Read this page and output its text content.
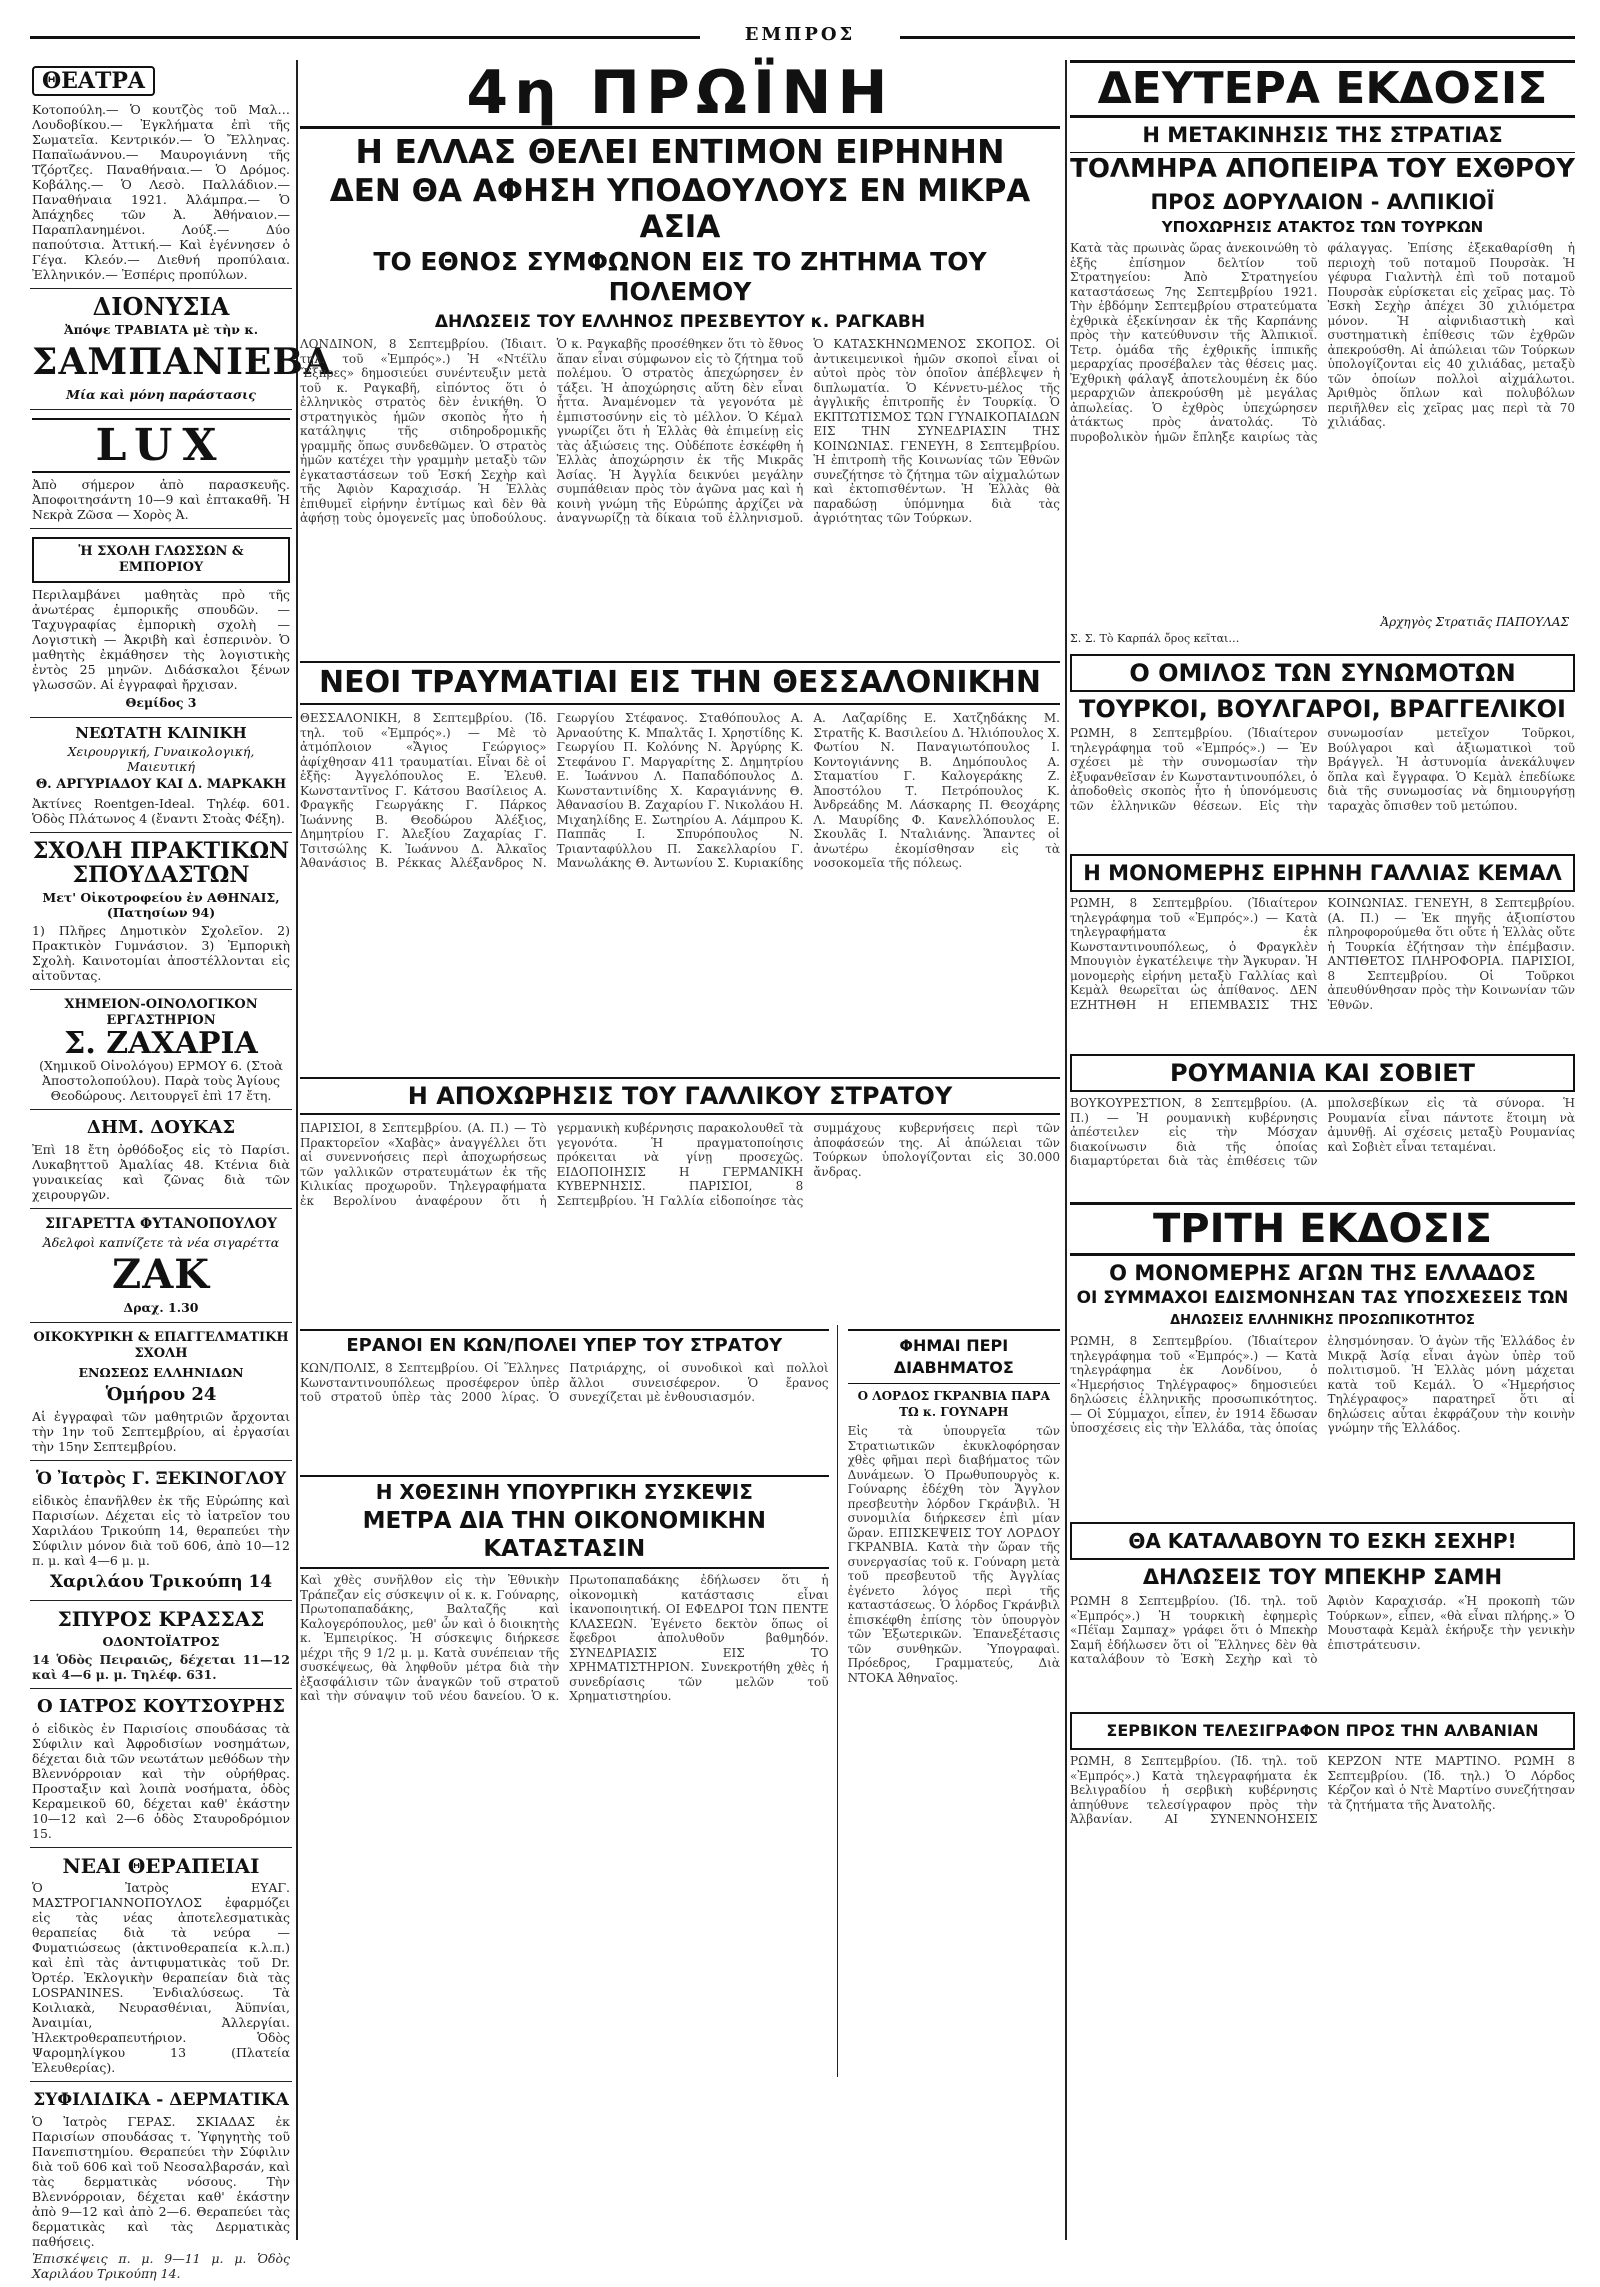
ΕΜΠΡΟΣ
ΘΕΑΤΡΑ
Κοτοπούλη.— Ὁ κουτζὸς τοῦ Μαλ… Λουδοβίκου.— Ἐγκλήματα ἐπὶ τῆς Σωματεῖα. Κεντρικόν.— Ὁ Ἔλληνας. Παπαϊωάννου.— Μαυρογιάννη τῆς Τζόρτζες. Παναθήναια.— Ὁ Δρόμος. Κοβάλης.— Ὁ Λεσὸ. Παλλάδιον.— Παναθήναια 1921. Ἀλάμπρα.— Ὁ Ἀπάχηδες τῶν Ἀ. Ἀθήναιον.— Παραπλανημένοι. Λούξ.— Δύο παπούτσια. Ἀττική.— Καὶ ἐγέννησεν ὁ Γέγα. Κλεόν.— Διεθνή προπύλαια. Ἐλληνικόν.— Ἐσπέρις προπύλων.
ΔΙΟΝΥΣΙΑ
Ἀπόψε ΤΡΑΒΙΑΤΑ μὲ τὴν κ.
ΣΑΜΠΑΝΙΕΒΑ
Μία καὶ μόνη παράστασις
LUX
Ἀπὸ σήμερον ἀπὸ παρασκευῆς. Ἀποφοιτησάντη 10—9 καὶ ἐπτακαθῆ. Ἡ Νεκρὰ Ζῶσα — Χορὸς Ἀ.
Ἡ ΣΧΟΛΗ ΓΛΩΣΣΩΝ & ΕΜΠΟΡΙΟΥ
Περιλαμβάνει μαθητὰς πρὸ τῆς ἀνωτέρας ἐμπορικῆς σπουδῶν. — Ταχυγραφίας ἐμπορικὴ σχολὴ — Λογιστικὴ — Ἀκριβὴ καὶ ἐσπερινὸν. Ὁ μαθητὴς ἐκμάθησεν τὴς λογιστικὴς ἐντὸς 25 μηνῶν. Διδάσκαλοι ξένων γλωσσῶν. Αἱ ἐγγραφαὶ ἤρχισαν.
Θεμίδος 3
ΝΕΩΤΑΤΗ ΚΛΙΝΙΚΗ
Χειρουργική, Γυναικολογική, Μαιευτική
Θ. ΑΡΓΥΡΙΑΔΟΥ ΚΑΙ Δ. ΜΑΡΚΑΚΗ
Ἀκτίνες Roentgen-Ideal. Τηλέφ. 601. Ὁδὸς Πλάτωνος 4 (ἔναντι Στοὰς Φέξη).
ΣΧΟΛΗ ΠΡΑΚΤΙΚΩΝ ΣΠΟΥΔΑΣΤΩΝ
Μετ' Οἰκοτροφείου ἐν ΑΘΗΝΑΙΣ, (Πατησίων 94)
1) Πλῆρες Δημοτικὸν Σχολεῖον. 2) Πρακτικὸν Γυμνάσιον. 3) Ἐμπορικὴ Σχολὴ. Καινοτομίαι ἀποστέλλονται εἰς αἰτοῦντας.
ΧΗΜΕΙΟΝ-ΟΙΝΟΛΟΓΙΚΟΝ ΕΡΓΑΣΤΗΡΙΟΝ
Σ. ΖΑΧΑΡΙΑ
(Χημικοῦ Οἰνολόγου) ΕΡΜΟΥ 6. (Στοὰ Ἀποστολοπούλου). Παρὰ τοὺς Ἁγίους Θεοδώρους. Λειτουργεῖ ἐπὶ 17 ἔτη.
ΔΗΜ. ΔΟΥΚΑΣ
Ἐπὶ 18 ἔτη ὀρθόδοξος εἰς τὸ Παρίσι. Λυκαβηττοῦ Ἀμαλίας 48. Κτένια διὰ γυναικείας καὶ ζῶνας διὰ τῶν χειρουργῶν.
ΣΙΓΑΡΕΤΤΑ ΦΥΤΑΝΟΠΟΥΛΟΥ
Ἀδελφοὶ καπνίζετε τὰ νέα σιγαρέττα
ΖΑΚ
Δραχ. 1.30
ΟΙΚΟΚΥΡΙΚΗ & ΕΠΑΓΓΕΛΜΑΤΙΚΗ ΣΧΟΛΗ
ΕΝΩΣΕΩΣ ΕΛΛΗΝΙΔΩΝ
Ὁμήρου 24
Αἱ ἐγγραφαὶ τῶν μαθητριῶν ἄρχονται τὴν 1ην τοῦ Σεπτεμβρίου, αἱ ἐργασίαι τὴν 15ην Σεπτεμβρίου.
Ὁ Ἰατρὸς Γ. ΞΕΚΙΝΟΓΛΟΥ
εἰδικὸς ἐπανῆλθεν ἐκ τῆς Εὐρώπης καὶ Παρισίων. Δέχεται εἰς τὸ ἰατρεῖον του Χαριλάου Τρικούπη 14, θεραπεύει τὴν Σύφιλιν μόνον διὰ τοῦ 606, ἀπὸ 10—12 π. μ. καὶ 4—6 μ. μ.
Χαριλάου Τρικούπη 14
ΣΠΥΡΟΣ ΚΡΑΣΣΑΣ
ΟΔΟΝΤΟΪΑΤΡΟΣ
14 Ὁδὸς Πειραιῶς, δέχεται 11—12 καὶ 4—6 μ. μ. Τηλέφ. 631.
Ο ΙΑΤΡΟΣ ΚΟΥΤΣΟΥΡΗΣ
ὁ εἰδικὸς ἐν Παρισίοις σπουδάσας τὰ Σύφιλιν καὶ Ἀφροδισίων νοσημάτων, δέχεται διὰ τῶν νεωτάτων μεθόδων τὴν Βλεννόρροιαν καὶ τὴν οὐρήθρας. Προσταξιν καὶ λοιπὰ νοσήματα, ὁδὸς Κεραμεικοῦ 60, δέχεται καθ' ἑκάστην 10—12 καὶ 2—6 ὁδὸς Σταυροδρόμιον 15.
ΝΕΑΙ ΘΕΡΑΠΕΙΑΙ
Ὁ Ἰατρὸς ΕΥΑΓ. ΜΑΣΤΡΟΓΙΑΝΝΟΠΟΥΛΟΣ ἐφαρμόζει εἰς τὰς νέας ἀποτελεσματικὰς θεραπείας διὰ τὰ νεύρα — Φυματιώσεως (ἀκτινοθεραπεία κ.λ.π.) καὶ ἐπὶ τὰς ἀντιφυματικὰς τοῦ Dr. Ὀρτέρ. Ἐκλογικὴν θεραπείαν διὰ τὰς LOSPANINES. Ἐνδιαλύσεως. Τὰ Κοιλιακὰ, Νευρασθένιαι, Ἀϋπνίαι, Ἀναιμίαι, Ἀλλεργίαι. Ἠλεκτροθεραπευτήριον. Ὁδὸς Ψαρομηλίγκου 13 (Πλατεία Ἐλευθερίας).
ΣΥΦΙΛΙΔΙΚΑ - ΔΕΡΜΑΤΙΚΑ
Ὁ Ἰατρὸς ΓΕΡΑΣ. ΣΚΙΑΔΑΣ ἐκ Παρισίων σπουδάσας τ. Ὑφηγητὴς τοῦ Πανεπιστημίου. Θεραπεύει τὴν Σύφιλιν διὰ τοῦ 606 καὶ τοῦ Νεοσαλβαρσάν, καὶ τὰς δερματικὰς νόσους. Τὴν Βλεννόρροιαν, δέχεται καθ' ἑκάστην ἀπὸ 9—12 καὶ ἀπὸ 2—6. Θεραπεύει τὰς δερματικὰς καὶ τὰς Δερματικὰς παθήσεις.
Ἐπισκέψεις π. μ. 9—11 μ. μ. Ὁδὸς Χαριλάου Τρικούπη 14.
4η ΠΡΩΪΝΗ
Η ΕΛΛΑΣ ΘΕΛΕΙ ΕΝΤΙΜΟΝ ΕΙΡΗΝΗΝ
ΔΕΝ ΘΑ ΑΦΗΣΗ ΥΠΟΔΟΥΛΟΥΣ ΕΝ ΜΙΚΡΑ ΑΣΙΑ
ΤΟ ΕΘΝΟΣ ΣΥΜΦΩΝΟΝ ΕΙΣ ΤΟ ΖΗΤΗΜΑ ΤΟΥ ΠΟΛΕΜΟΥ
ΔΗΛΩΣΕΙΣ ΤΟΥ ΕΛΛΗΝΟΣ ΠΡΕΣΒΕΥΤΟΥ κ. ΡΑΓΚΑΒΗ
ΛΟΝΔΙΝΟΝ, 8 Σεπτεμβρίου. (Ἰδιαιτ. τηλ. τοῦ «Ἐμπρός».) Ἡ «Ντέϊλυ Ἔξπρες» δημοσιεύει συνέντευξιν μετὰ τοῦ κ. Ραγκαβῆ, εἰπόντος ὅτι ὁ ἑλληνικὸς στρατὸς δὲν ἐνικήθη. Ὁ στρατηγικὸς ἡμῶν σκοπὸς ἦτο ἡ κατάληψις τῆς σιδηροδρομικῆς γραμμῆς ὅπως συνδεθῶμεν. Ὁ στρατὸς ἡμῶν κατέχει τὴν γραμμὴν μεταξὺ τῶν ἐγκαταστάσεων τοῦ Ἐσκή Σεχὴρ καὶ τῆς Ἀφιὸν Καραχισάρ. Ἡ Ἑλλὰς ἐπιθυμεῖ εἰρήνην ἐντίμως καὶ δὲν θὰ ἀφήσῃ τοὺς ὁμογενεῖς μας ὑποδούλους. Ὁ κ. Ραγκαβῆς προσέθηκεν ὅτι τὸ ἔθνος ἅπαν εἶναι σύμφωνον εἰς τὸ ζήτημα τοῦ πολέμου. Ὁ στρατὸς ἀπεχώρησεν ἐν τάξει. Ἡ ἀποχώρησις αὕτη δὲν εἶναι ἧττα. Ἀναμένομεν τὰ γεγονότα μὲ ἐμπιστοσύνην εἰς τὸ μέλλον. Ὁ Κέμαλ γνωρίζει ὅτι ἡ Ἑλλὰς θὰ ἐπιμείνῃ εἰς τὰς ἀξιώσεις της. Οὐδέποτε ἐσκέφθη ἡ Ἑλλὰς ἀποχώρησιν ἐκ τῆς Μικρᾶς Ἀσίας. Ἡ Ἀγγλία δεικνύει μεγάλην συμπάθειαν πρὸς τὸν ἀγῶνα μας καὶ ἡ κοινὴ γνώμη τῆς Εὐρώπης ἀρχίζει νὰ ἀναγνωρίζῃ τὰ δίκαια τοῦ ἑλληνισμοῦ. Ὁ ΚΑΤΑΣΚΗΝΩΜΕΝΟΣ ΣΚΟΠΟΣ. Οἱ ἀντικειμενικοὶ ἡμῶν σκοποὶ εἶναι οἱ αὐτοὶ πρὸς τὸν ὁποῖον ἀπέβλεψεν ἡ διπλωματία. Ὁ Κέννετυ-μέλος τῆς ἀγγλικῆς ἐπιτροπῆς ἐν Τουρκίᾳ. Ὁ ΕΚΠΤΩΤΙΣΜΟΣ ΤΩΝ ΓΥΝΑΙΚΟΠΑΙΔΩΝ ΕΙΣ ΤΗΝ ΣΥΝΕΔΡΙΑΣΙΝ ΤΗΣ ΚΟΙΝΩΝΙΑΣ. ΓΕΝΕΥΗ, 8 Σεπτεμβρίου. Ἡ ἐπιτροπὴ τῆς Κοινωνίας τῶν Ἐθνῶν συνεζήτησε τὸ ζήτημα τῶν αἰχμαλώτων καὶ ἐκτοπισθέντων. Ἡ Ἑλλὰς θὰ παραδώσῃ ὑπόμνημα διὰ τὰς ἀγριότητας τῶν Τούρκων.
ΝΕΟΙ ΤΡΑΥΜΑΤΙΑΙ ΕΙΣ ΤΗΝ ΘΕΣΣΑΛΟΝΙΚΗΝ
ΘΕΣΣΑΛΟΝΙΚΗ, 8 Σεπτεμβρίου. (Ἰδ. τηλ. τοῦ «Ἐμπρός».) — Μὲ τὸ ἀτμόπλοιον «Ἄγιος Γεώργιος» ἀφίχθησαν 411 τραυματίαι. Εἶναι δὲ οἱ ἑξῆς: Ἀγγελόπουλος Ε. Ἐλευθ. Κωνσταντῖνος Γ. Κάτσου Βασίλειος Α. Φραγκῆς Γεωργάκης Γ. Πάρκος Ἰωάννης Β. Θεοδώρου Ἀλέξιος, Δημητρίου Γ. Ἀλεξίου Ζαχαρίας Γ. Τσιτσώλης Κ. Ἰωάννου Δ. Ἀλκαῖος Ἀθανάσιος Β. Ρέκκας Ἀλέξανδρος Ν. Γεωργίου Στέφανος. Σταθόπουλος Α. Ἀρναούτης Κ. Μπαλτᾶς Ι. Χρηστίδης Κ. Γεωργίου Π. Κολόνης Ν. Ἀργύρης Κ. Στεφάνου Γ. Μαργαρίτης Σ. Δημητρίου Ε. Ἰωάννου Λ. Παπαδόπουλος Δ. Κωνσταντινίδης Χ. Καραγιάννης Θ. Ἀθανασίου Β. Ζαχαρίου Γ. Νικολάου Η. Μιχαηλίδης Ε. Σωτηρίου Α. Λάμπρου Κ. Παππᾶς Ι. Σπυρόπουλος Ν. Τριανταφύλλου Π. Σακελλαρίου Γ. Μανωλάκης Θ. Ἀντωνίου Σ. Κυριακίδης Α. Λαζαρίδης Ε. Χατζηδάκης Μ. Στρατῆς Κ. Βασιλείου Δ. Ἠλιόπουλος Χ. Φωτίου Ν. Παναγιωτόπουλος Ι. Κοντογιάννης Β. Δημόπουλος Α. Σταματίου Γ. Καλογεράκης Ζ. Ἀποστόλου Τ. Πετρόπουλος Κ. Ἀνδρεάδης Μ. Λάσκαρης Π. Θεοχάρης Λ. Μαυρίδης Φ. Κανελλόπουλος Ε. Σκουλᾶς Ι. Νταλιάνης. Ἅπαντες οἱ ἀνωτέρω ἐκομίσθησαν εἰς τὰ νοσοκομεῖα τῆς πόλεως.
Η ΑΠΟΧΩΡΗΣΙΣ ΤΟΥ ΓΑΛΛΙΚΟΥ ΣΤΡΑΤΟΥ
ΠΑΡΙΣΙΟΙ, 8 Σεπτεμβρίου. (Α. Π.) — Τὸ Πρακτορεῖον «Χαβὰς» ἀναγγέλλει ὅτι αἱ συνεννοήσεις περὶ ἀποχωρήσεως τῶν γαλλικῶν στρατευμάτων ἐκ τῆς Κιλικίας προχωροῦν. Τηλεγραφήματα ἐκ Βερολίνου ἀναφέρουν ὅτι ἡ γερμανικὴ κυβέρνησις παρακολουθεῖ τὰ γεγονότα. Ἡ πραγματοποίησις πρόκειται νὰ γίνῃ προσεχῶς. ΕΙΔΟΠΟΙΗΣΙΣ Η ΓΕΡΜΑΝΙΚΗ ΚΥΒΕΡΝΗΣΙΣ. ΠΑΡΙΣΙΟΙ, 8 Σεπτεμβρίου. Ἡ Γαλλία εἰδοποίησε τὰς συμμάχους κυβερνήσεις περὶ τῶν ἀποφάσεών της. Αἱ ἀπώλειαι τῶν Τούρκων ὑπολογίζονται εἰς 30.000 ἄνδρας.
ΕΡΑΝΟΙ ΕΝ ΚΩΝ/ΠΟΛΕΙ ΥΠΕΡ ΤΟΥ ΣΤΡΑΤΟΥ
ΚΩΝ/ΠΟΛΙΣ, 8 Σεπτεμβρίου. Οἱ Ἕλληνες Κωνσταντινουπόλεως προσέφερον ὑπὲρ τοῦ στρατοῦ ὑπὲρ τὰς 2000 λίρας. Ὁ Πατριάρχης, οἱ συνοδικοὶ καὶ πολλοὶ ἄλλοι συνεισέφερον. Ὁ ἔρανος συνεχίζεται μὲ ἐνθουσιασμόν.
Η ΧΘΕΣΙΝΗ ΥΠΟΥΡΓΙΚΗ ΣΥΣΚΕΨΙΣ
ΜΕΤΡΑ ΔΙΑ ΤΗΝ ΟΙΚΟΝΟΜΙΚΗΝ ΚΑΤΑΣΤΑΣΙΝ
Καὶ χθὲς συνῆλθον εἰς τὴν Ἐθνικὴν Τράπεζαν εἰς σύσκεψιν οἱ κ. κ. Γούναρης, Πρωτοπαπαδάκης, Βαλταζῆς καὶ Καλογερόπουλος, μεθ' ὧν καὶ ὁ διοικητὴς κ. Ἐμπειρίκος. Ἡ σύσκεψις διήρκεσε μέχρι τῆς 9 1/2 μ. μ. Κατὰ συνέπειαν τῆς συσκέψεως, θὰ ληφθοῦν μέτρα διὰ τὴν ἐξασφάλισιν τῶν ἀναγκῶν τοῦ στρατοῦ καὶ τὴν σύναψιν τοῦ νέου δανείου. Ὁ κ. Πρωτοπαπαδάκης ἐδήλωσεν ὅτι ἡ οἰκονομικὴ κατάστασις εἶναι ἱκανοποιητική. ΟΙ ΕΦΕΔΡΟΙ ΤΩΝ ΠΕΝΤΕ ΚΛΑΣΕΩΝ. Ἐγένετο δεκτὸν ὅπως οἱ ἔφεδροι ἀπολυθοῦν βαθμηδόν. ΣΥΝΕΔΡΙΑΣΙΣ ΕΙΣ ΤΟ ΧΡΗΜΑΤΙΣΤΗΡΙΟΝ. Συνεκροτήθη χθὲς ἡ συνεδρίασις τῶν μελῶν τοῦ Χρηματιστηρίου.
ΦΗΜΑΙ ΠΕΡΙ ΔΙΑΒΗΜΑΤΟΣ
Ο ΛΟΡΔΟΣ ΓΚΡΑΝΒΙΑ ΠΑΡΑ ΤΩ κ. ΓΟΥΝΑΡΗ
Εἰς τὰ ὑπουργεῖα τῶν Στρατιωτικῶν ἐκυκλοφόρησαν χθὲς φῆμαι περὶ διαβήματος τῶν Δυνάμεων. Ὁ Πρωθυπουργὸς κ. Γούναρης ἐδέχθη τὸν Ἄγγλον πρεσβευτὴν λόρδον Γκράνβιλ. Ἡ συνομιλία διήρκεσεν ἐπὶ μίαν ὥραν. ΕΠΙΣΚΕΨΕΙΣ ΤΟΥ ΛΟΡΔΟΥ ΓΚΡΑΝΒΙΑ. Κατὰ τὴν ὥραν τῆς συνεργασίας τοῦ κ. Γούναρη μετὰ τοῦ πρεσβευτοῦ τῆς Ἀγγλίας ἐγένετο λόγος περὶ τῆς καταστάσεως. Ὁ λόρδος Γκράνβιλ ἐπισκέφθη ἐπίσης τὸν ὑπουργὸν τῶν Ἐξωτερικῶν. Ἐπανεξέτασις τῶν συνθηκῶν. Ὑπογραφαὶ. Πρόεδρος, Γραμματεύς, Διὰ ΝΤΟΚΑ Ἀθηναῖος.
ΔΕΥΤΕΡΑ ΕΚΔΟΣΙΣ
Η ΜΕΤΑΚΙΝΗΣΙΣ ΤΗΣ ΣΤΡΑΤΙΑΣ
ΤΟΛΜΗΡΑ ΑΠΟΠΕΙΡΑ ΤΟΥ ΕΧΘΡΟΥ
ΠΡΟΣ ΔΟΡΥΛΑΙΟΝ - ΑΛΠΙΚΙΟΪ
ΥΠΟΧΩΡΗΣΙΣ ΑΤΑΚΤΟΣ ΤΩΝ ΤΟΥΡΚΩΝ
Κατὰ τὰς πρωινὰς ὥρας ἀνεκοινώθη τὸ ἑξῆς ἐπίσημον δελτίον τοῦ Στρατηγείου: Ἀπὸ Στρατηγείου καταστάσεως 7ης Σεπτεμβρίου 1921. Τὴν ἑβδόμην Σεπτεμβρίου στρατεύματα ἐχθρικὰ ἐξεκίνησαν ἐκ τῆς Καρπάνης πρὸς τὴν κατεύθυνσιν τῆς Ἀλπικιοΐ. Τετρ. ὁμάδα τῆς ἐχθρικῆς ἱππικῆς μεραρχίας προσέβαλεν τὰς θέσεις μας. Ἐχθρικὴ φάλαγξ ἀποτελουμένη ἐκ δύο μεραρχιῶν ἀπεκρούσθη μὲ μεγάλας ἀπωλείας. Ὁ ἐχθρὸς ὑπεχώρησεν ἀτάκτως πρὸς ἀνατολάς. Τὸ πυροβολικὸν ἡμῶν ἔπληξε καιρίως τὰς φάλαγγας. Ἐπίσης ἐξεκαθαρίσθη ἡ περιοχὴ τοῦ ποταμοῦ Πουρσὰκ. Ἡ γέφυρα Γιαλντὴλ ἐπὶ τοῦ ποταμοῦ Πουρσὰκ εὑρίσκεται εἰς χεῖρας μας. Τὸ Ἐσκὴ Σεχὴρ ἀπέχει 30 χιλιόμετρα μόνον. Ἡ αἰφνιδιαστικὴ καὶ συστηματικὴ ἐπίθεσις τῶν ἐχθρῶν ἀπεκρούσθη. Αἱ ἀπώλειαι τῶν Τούρκων ὑπολογίζονται εἰς 40 χιλιάδας, μεταξὺ τῶν ὁποίων πολλοὶ αἰχμάλωτοι. Ἀριθμὸς ὅπλων καὶ πολυβόλων περιῆλθεν εἰς χεῖρας μας περὶ τὰ 70 χιλιάδας.
Ἀρχηγὸς Στρατιᾶς ΠΑΠΟΥΛΑΣ
Σ. Σ. Τὸ Καρπάλ ὄρος κεῖται…
Ο ΟΜΙΛΟΣ ΤΩΝ ΣΥΝΩΜΟΤΩΝ
ΤΟΥΡΚΟΙ, ΒΟΥΛΓΑΡΟΙ, ΒΡΑΓΓΕΛΙΚΟΙ
ΡΩΜΗ, 8 Σεπτεμβρίου. (Ἰδιαίτερον τηλεγράφημα τοῦ «Ἐμπρός».) — Ἐν σχέσει μὲ τὴν συνομωσίαν τὴν ἐξυφανθεῖσαν ἐν Κωνσταντινουπόλει, ὁ ἀποδοθεὶς σκοπὸς ἦτο ἡ ὑπονόμευσις τῶν ἑλληνικῶν θέσεων. Εἰς τὴν συνωμοσίαν μετεῖχον Τοῦρκοι, Βούλγαροι καὶ ἀξιωματικοὶ τοῦ Βράγγελ. Ἡ ἀστυνομία ἀνεκάλυψεν ὅπλα καὶ ἔγγραφα. Ὁ Κεμὰλ ἐπεδίωκε διὰ τῆς συνωμοσίας νὰ δημιουργήσῃ ταραχὰς ὄπισθεν τοῦ μετώπου.
Η ΜΟΝΟΜΕΡΗΣ ΕΙΡΗΝΗ ΓΑΛΛΙΑΣ ΚΕΜΑΛ
ΡΩΜΗ, 8 Σεπτεμβρίου. (Ἰδιαίτερον τηλεγράφημα τοῦ «Ἐμπρός».) — Κατὰ τηλεγραφήματα ἐκ Κωνσταντινουπόλεως, ὁ Φραγκλὲν Μπουγιὸν ἐγκατέλειψε τὴν Ἄγκυραν. Ἡ μονομερὴς εἰρήνη μεταξὺ Γαλλίας καὶ Κεμὰλ θεωρεῖται ὡς ἀπίθανος. ΔΕΝ ΕΖΗΤΗΘΗ Η ΕΠΕΜΒΑΣΙΣ ΤΗΣ ΚΟΙΝΩΝΙΑΣ. ΓΕΝΕΥΗ, 8 Σεπτεμβρίου. (Α. Π.) — Ἐκ πηγῆς ἀξιοπίστου πληροφορούμεθα ὅτι οὔτε ἡ Ἑλλὰς οὔτε ἡ Τουρκία ἐζήτησαν τὴν ἐπέμβασιν. ΑΝΤΙΘΕΤΟΣ ΠΛΗΡΟΦΟΡΙΑ. ΠΑΡΙΣΙΟΙ, 8 Σεπτεμβρίου. Οἱ Τοῦρκοι ἀπευθύνθησαν πρὸς τὴν Κοινωνίαν τῶν Ἐθνῶν.
ΡΟΥΜΑΝΙΑ ΚΑΙ ΣΟΒΙΕΤ
ΒΟΥΚΟΥΡΕΣΤΙΟΝ, 8 Σεπτεμβρίου. (Α. Π.) — Ἡ ρουμανικὴ κυβέρνησις ἀπέστειλεν εἰς τὴν Μόσχαν διακοίνωσιν διὰ τῆς ὁποίας διαμαρτύρεται διὰ τὰς ἐπιθέσεις τῶν μπολσεβίκων εἰς τὰ σύνορα. Ἡ Ρουμανία εἶναι πάντοτε ἕτοιμη νὰ ἀμυνθῇ. Αἱ σχέσεις μεταξὺ Ρουμανίας καὶ Σοβιὲτ εἶναι τεταμέναι.
ΤΡΙΤΗ ΕΚΔΟΣΙΣ
Ο ΜΟΝΟΜΕΡΗΣ ΑΓΩΝ ΤΗΣ ΕΛΛΑΔΟΣ
ΟΙ ΣΥΜΜΑΧΟΙ ΕΔΙΣΜΟΝΗΣΑΝ ΤΑΣ ΥΠΟΣΧΕΣΕΙΣ ΤΩΝ
ΔΗΛΩΣΕΙΣ ΕΛΛΗΝΙΚΗΣ ΠΡΟΣΩΠΙΚΟΤΗΤΟΣ
ΡΩΜΗ, 8 Σεπτεμβρίου. (Ἰδιαίτερον τηλεγράφημα τοῦ «Ἐμπρός».) — Κατὰ τηλεγράφημα ἐκ Λονδίνου, ὁ «Ἡμερήσιος Τηλέγραφος» δημοσιεύει δηλώσεις ἑλληνικῆς προσωπικότητος. — Οἱ Σύμμαχοι, εἶπεν, ἐν 1914 ἔδωσαν ὑποσχέσεις εἰς τὴν Ἑλλάδα, τὰς ὁποίας ἐλησμόνησαν. Ὁ ἀγὼν τῆς Ἑλλάδος ἐν Μικρᾷ Ἀσίᾳ εἶναι ἀγὼν ὑπὲρ τοῦ πολιτισμοῦ. Ἡ Ἑλλὰς μόνη μάχεται κατὰ τοῦ Κεμάλ. Ὁ «Ἡμερήσιος Τηλέγραφος» παρατηρεῖ ὅτι αἱ δηλώσεις αὗται ἐκφράζουν τὴν κοινὴν γνώμην τῆς Ἑλλάδος.
ΘΑ ΚΑΤΑΛΑΒΟΥΝ ΤΟ ΕΣΚΗ ΣΕΧΗΡ!
ΔΗΛΩΣΕΙΣ ΤΟΥ ΜΠΕΚΗΡ ΣΑΜΗ
ΡΩΜΗ 8 Σεπτεμβρίου. (Ἰδ. τηλ. τοῦ «Ἐμπρός».) Ἡ τουρκικὴ ἐφημερὶς «Πέϊαμ Σαμπαχ» γράφει ὅτι ὁ Μπεκὴρ Σαμῆ ἐδήλωσεν ὅτι οἱ Ἕλληνες δὲν θὰ καταλάβουν τὸ Ἐσκὴ Σεχὴρ καὶ τὸ Ἀφιὸν Καραχισάρ. «Ἡ προκοπὴ τῶν Τούρκων», εἶπεν, «θὰ εἶναι πλήρης.» Ὁ Μουσταφὰ Κεμὰλ ἐκήρυξε τὴν γενικὴν ἐπιστράτευσιν.
ΣΕΡΒΙΚΟΝ ΤΕΛΕΣΙΓΡΑΦΟΝ ΠΡΟΣ ΤΗΝ ΑΛΒΑΝΙΑΝ
ΡΩΜΗ, 8 Σεπτεμβρίου. (Ἰδ. τηλ. τοῦ «Ἐμπρός».) Κατὰ τηλεγραφήματα ἐκ Βελιγραδίου ἡ σερβικὴ κυβέρνησις ἀπηύθυνε τελεσίγραφον πρὸς τὴν Ἀλβανίαν. ΑΙ ΣΥΝΕΝΝΟΗΣΕΙΣ ΚΕΡΖΟΝ ΝΤΕ ΜΑΡΤΙΝΟ. ΡΩΜΗ 8 Σεπτεμβρίου. (Ἰδ. τηλ.) Ὁ Λόρδος Κέρζον καὶ ὁ Ντὲ Μαρτίνο συνεζήτησαν τὰ ζητήματα τῆς Ἀνατολῆς.
